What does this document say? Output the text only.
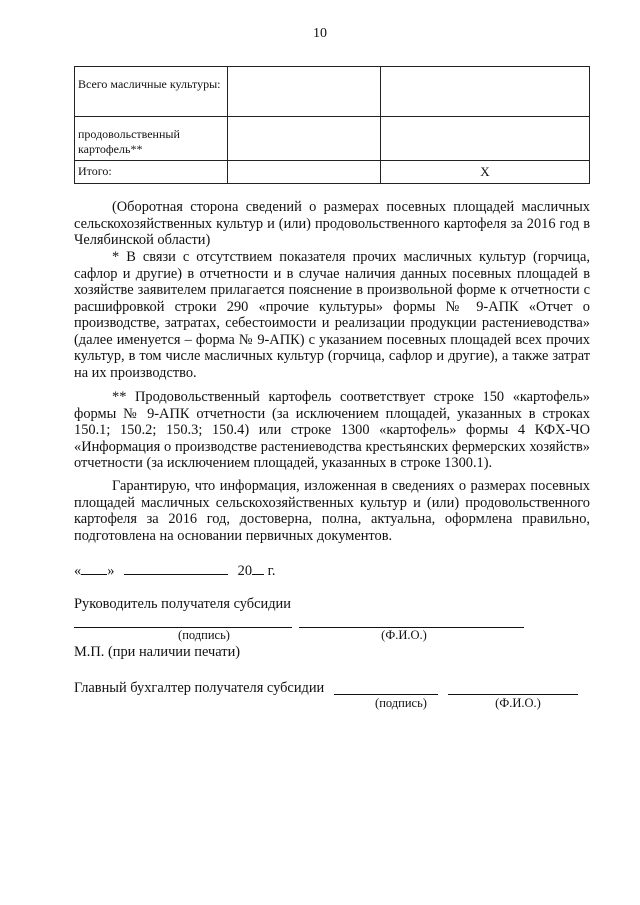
10
Всего масличные культуры:		
продовольственный картофель**		
Итого:		Х

(Оборотная сторона сведений о размерах посевных площадей масличных сельскохозяйственных культур и (или) продовольственного картофеля за 2016 год в Челябинской области)

* В связи с отсутствием показателя прочих масличных культур (горчица, сафлор и другие) в отчетности и в случае наличия данных посевных площадей в хозяйстве заявителем прилагается пояснение в произвольной форме к отчетности с расшифровкой строки 290 «прочие культуры» формы № 9-АПК «Отчет о производстве, затратах, себестоимости и реализации продукции растениеводства» (далее именуется – форма № 9-АПК) с указанием посевных площадей всех прочих культур, в том числе масличных культур (горчица, сафлор и другие), а также затрат на их производство.

** Продовольственный картофель соответствует строке 150 «картофель» формы № 9-АПК отчетности (за исключением площадей, указанных в строках 150.1; 150.2; 150.3; 150.4) или строке 1300 «картофель» формы 4 КФХ-ЧО «Информация о производстве растениеводства крестьянских фермерских хозяйств» отчетности (за исключением площадей, указанных в строке 1300.1).

Гарантирую, что информация, изложенная в сведениях о размерах посевных площадей масличных сельскохозяйственных культур и (или) продовольственного картофеля за 2016 год, достоверна, полна, актуальна, оформлена правильно, подготовлена на основании первичных документов.

« »	20 г.
Руководитель получателя субсидии
(подпись)	(Ф.И.О.)
М.П. (при наличии печати)
Главный бухгалтер получателя субсидии
(подпись)	(Ф.И.О.)
